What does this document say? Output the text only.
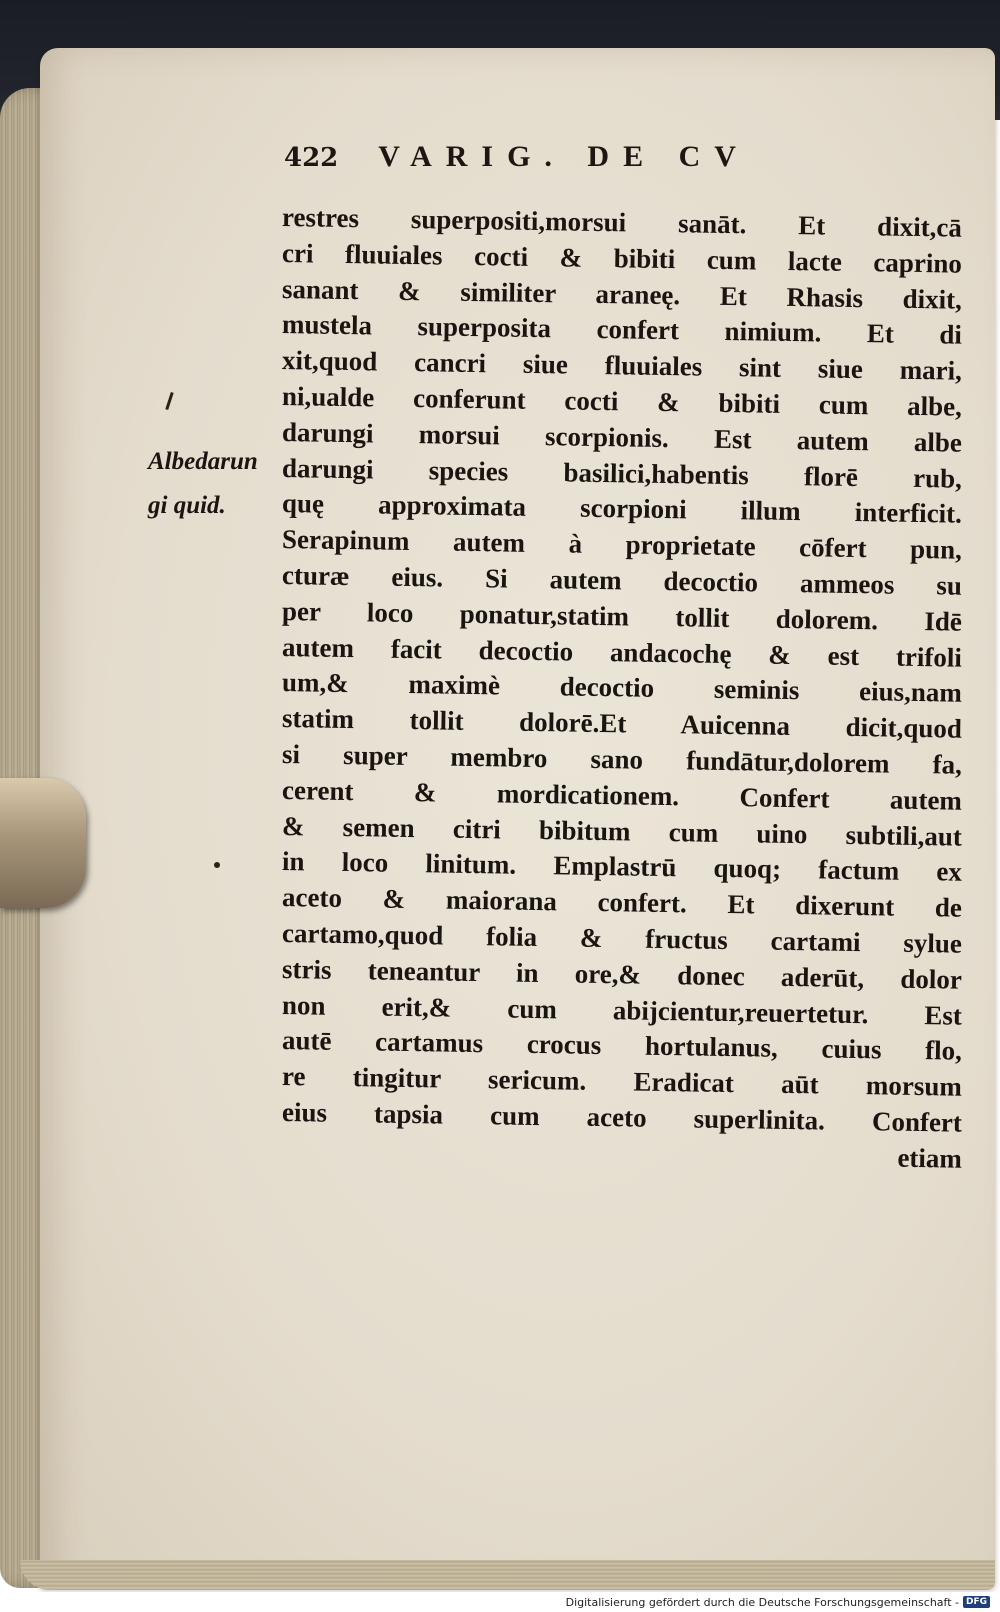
422 VARIG. DE CV
Albedarun
gi quid.
restres superpositi,morsui sanāt. Et dixit,cā
cri fluuiales cocti & bibiti cum lacte caprino
sanant & similiter araneę. Et Rhasis dixit,
mustela superposita confert nimium. Et di
xit,quod cancri siue fluuiales sint siue mari,
ni,ualde conferunt cocti & bibiti cum albe,
darungi morsui scorpionis. Est autem albe
darungi species basilici,habentis florē rub,
quę approximata scorpioni illum interficit.
Serapinum autem à proprietate cōfert pun,
cturæ eius. Si autem decoctio ammeos su
per loco ponatur,statim tollit dolorem. Idē
autem facit decoctio andacochę & est trifoli
um,& maximè decoctio seminis eius,nam
statim tollit dolorē.Et Auicenna dicit,quod
si super membro sano fundātur,dolorem fa,
cerent & mordicationem. Confert autem
& semen citri bibitum cum uino subtili,aut
in loco linitum. Emplastrū quoq; factum ex
aceto & maiorana confert. Et dixerunt de
cartamo,quod folia & fructus cartami sylue
stris teneantur in ore,& donec aderūt, dolor
non erit,& cum abijcientur,reuertetur. Est
autē cartamus crocus hortulanus, cuius flo,
re tingitur sericum. Eradicat aūt morsum
eius tapsia cum aceto superlinita. Confert
etiam
Digitalisierung gefördert durch die Deutsche Forschungsgemeinschaft - DFG
